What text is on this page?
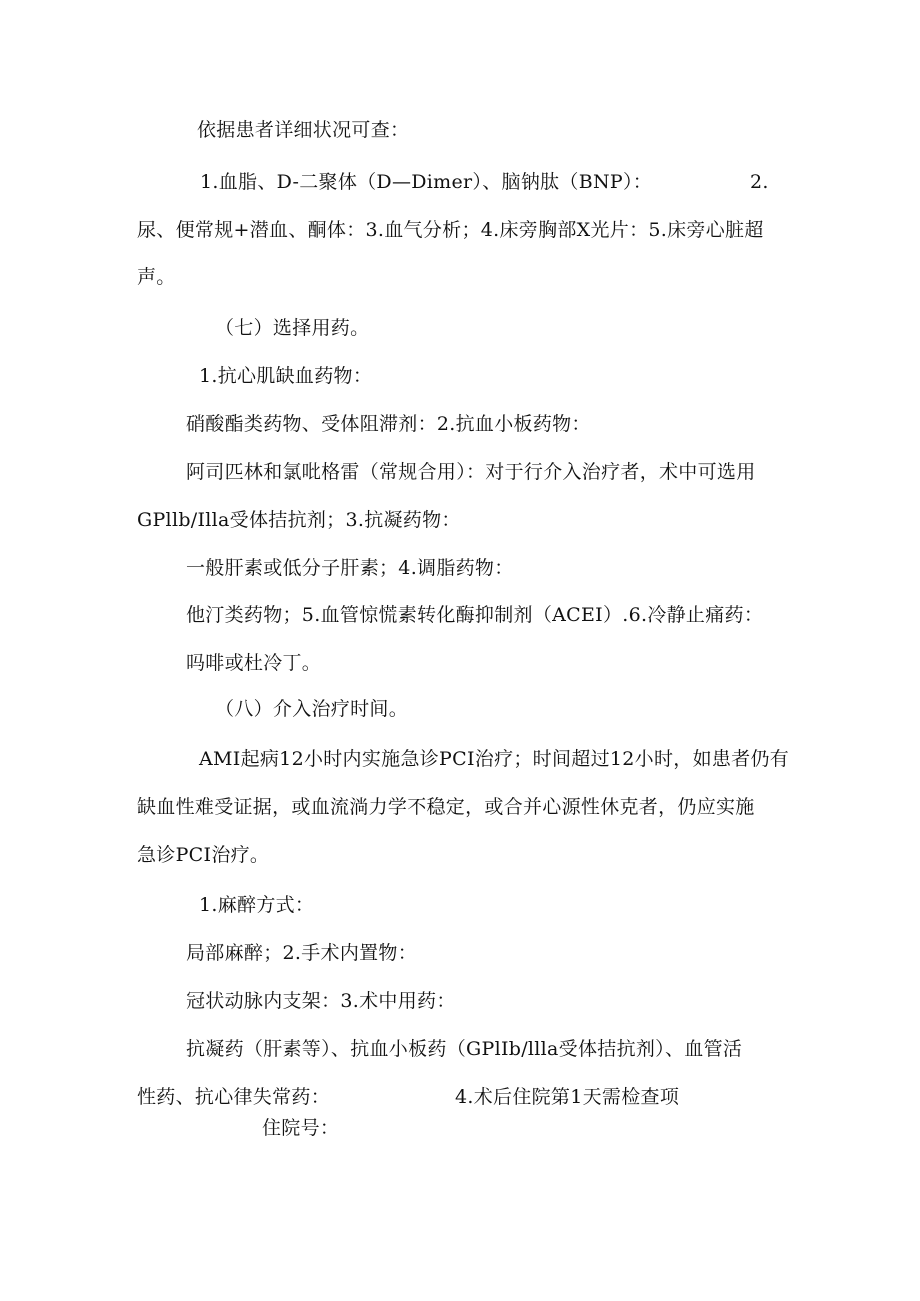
依据患者详细状况可查：
1.血脂、D-二聚体（D—Dimer）、脑钠肽（BNP）：	2.
尿、便常规+潜血、酮体：3.血气分析；4.床旁胸部X光片：5.床旁心脏超
声。
（七）选择用药。
1.抗心肌缺血药物：
硝酸酯类药物、受体阻滞剂：2.抗血小板药物：
阿司匹林和氯吡格雷（常规合用）：对于行介入治疗者，术中可选用
GPllb/Illa受体拮抗剂；3.抗凝药物：
一般肝素或低分子肝素；4.调脂药物：
他汀类药物；5.血管惊慌素转化酶抑制剂（ACEI）.6.冷静止痛药：
吗啡或杜冷丁。
（八）介入治疗时间。
AMI起病12小时内实施急诊PCI治疗；时间超过12小时，如患者仍有
缺血性难受证据，或血流淌力学不稳定，或合并心源性休克者，仍应实施
急诊PCI治疗。
1.麻醉方式：
局部麻醉；2.手术内置物：
冠状动脉内支架：3.术中用药：
抗凝药（肝素等）、抗血小板药（GPlIb/llla受体拮抗剂）、血管活
性药、抗心律失常药：	4.术后住院第1天需检查项
住院号：
